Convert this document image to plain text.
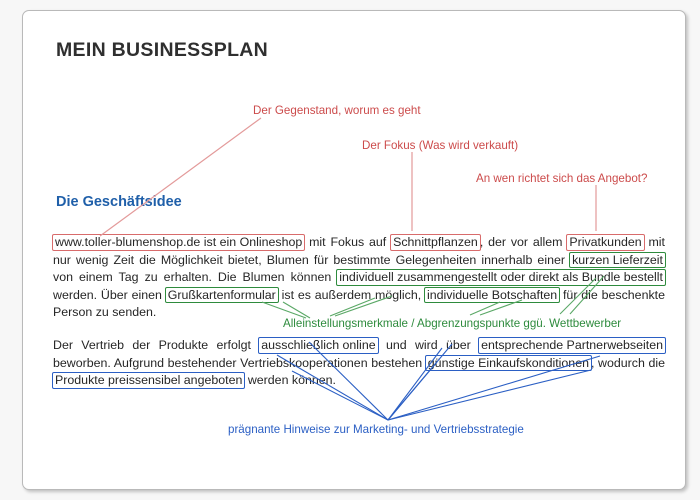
MEIN BUSINESSPLAN
Die Geschäftsidee
www.toller-blumenshop.de ist ein Onlineshop mit Fokus auf Schnittpflanzen , der vor allem Privatkunden mit nur wenig Zeit die Möglichkeit bietet, Blumen für bestimmte Gelegenheiten innerhalb einer kurzen Lieferzeit von einem Tag zu erhalten. Die Blumen können individuell zusammengestellt oder direkt als Bundle bestellt werden. Über einen Grußkartenformular ist es außerdem möglich, individuelle Botschaften für die beschenkte Person zu senden.
Der Vertrieb der Produkte erfolgt ausschließlich online und wird über entsprechende Partnerwebseiten beworben. Aufgrund bestehender Vertriebskooperationen bestehen günstige Einkaufskonditionen , wodurch die Produkte preissensibel angeboten werden können.
Der Gegenstand, worum es geht
Der Fokus (Was wird verkauft)
An wen richtet sich das Angebot?
Alleinstellungsmerkmale / Abgrenzungspunkte ggü. Wettbewerber
prägnante Hinweise zur Marketing- und Vertriebsstrategie
